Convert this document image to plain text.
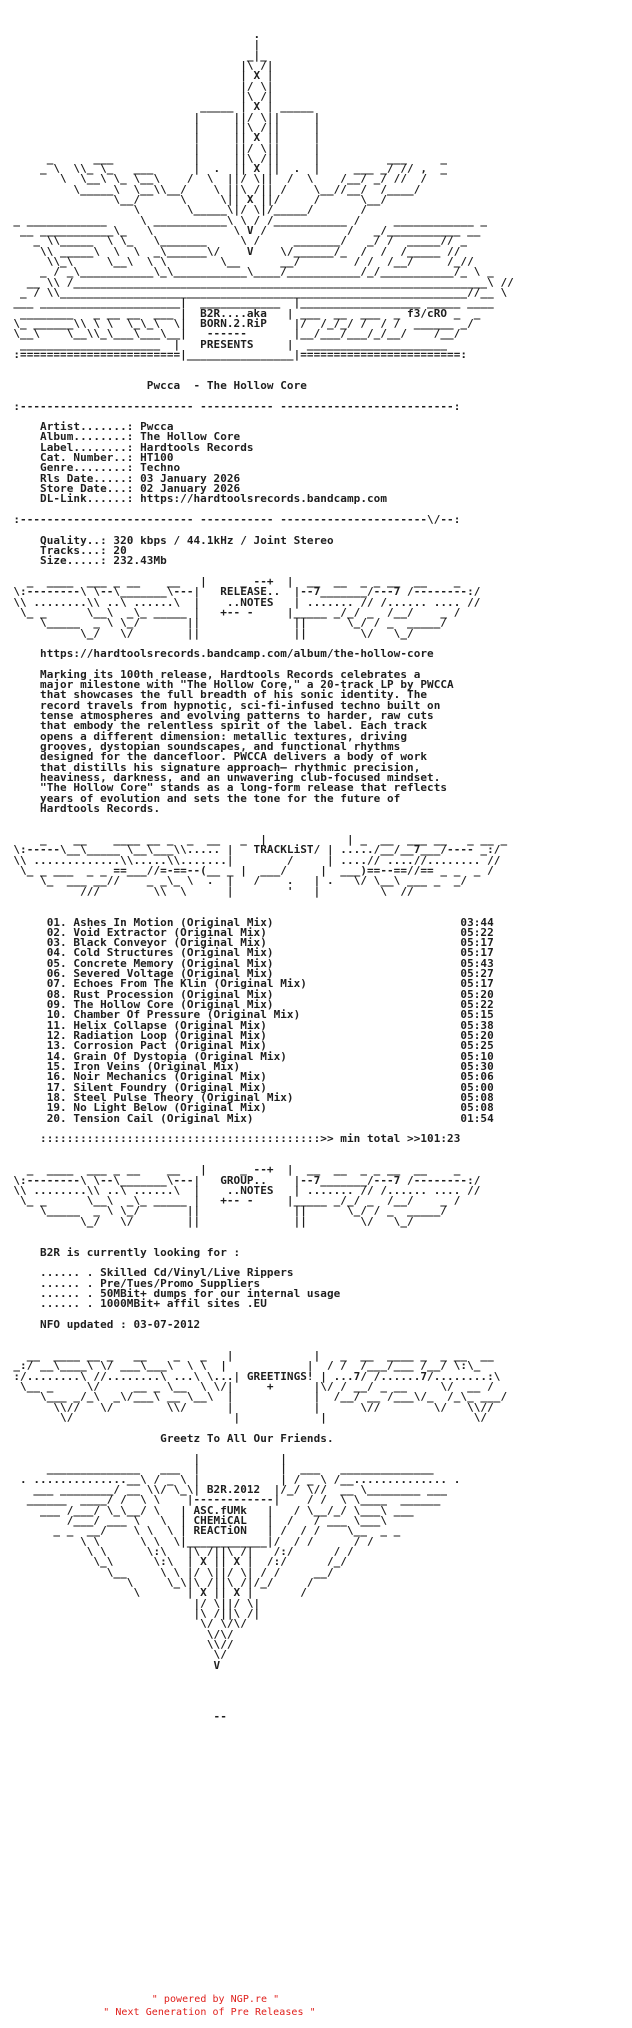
.
|
_|_
|\ /|
| X |
|/ \|
|\ /|
_____ | X | _____
|     ||/ \||     |
|     ||\ /||     |
|     || X ||     |
|     ||/ \||     |
_      ___            |     ||\ /||     |          ___     _
_ \  \\_ \_   ___      |  .  || X ||  .  |     ___ _/ // ,  _
\  \__\ \_ \__\    /  \  ||/ \||  /  \    /__/ _/ //  /
\_____\  \__\\__/    \ ||\ /|| /    \__//__/  /____/
\__/      \     \|| X ||/     /      \__/
\       \_____\|/ \|/_____/       /
_ ____________     \ ___________\ \ / /___________ /     ____________ _
__ ___________\_   \            \ V /            /   _/___________ __
_ \\_____  \ \_   \_______     \ /     _______/   _/ /  _____// _
\\ _____\  \  \  _\______\/    V    \/______/_  /  /  /_____ //
\\_\     \__\  \ \        \__      __/        / /  /__/     /_//
_ / _\___________\_\___________\____/___________/_/___________/_ \ _
__ \\ /______________________________________________________________\ //
_ / \\_____________________________________________________________//__ \
___ _____________________|  ____________  |__________________ _____ ____
________   _ __ __  ___ |  B2R....aka   | ___  __  ___  _ f3/cRO _  _
\_ ______\\ \ \  \_\_\  \|  BORN.2.RiP    |/  /_/_/ /  / /  ______ _/
\__\    \__\\_\___\___\__|   ------       |__/___/___/_/__/    /__/
_____________________  |   PRESENTS     |  _____________________
:========================|________________|========================:
Pwcca  - The Hollow Core
:-------------------------- ----------- --------------------------:
Artist.......: Pwcca
Album........: The Hollow Core
Label........: Hardtools Records
Cat. Number..: HT100
Genre........: Techno
Rls Date.....: 03 January 2026
Store Date...: 02 January 2026
DL-Link......: https://hardtoolsrecords.bandcamp.com
:-------------------------- ----------- ----------------------\/--:
Quality..: 320 kbps / 44.1kHz / Joint Stereo
Tracks...: 20
Size.....: 232.43Mb
_  ____  ___ _ __    __   |     _ --+  |  __  __  _ _ __  __    _
\:--------\ \--\_______\---|   RELEASE..  |--7_______/---7 /--------:/
\\ ........\\ ..\ ......\  |    ..NOTES   | ....... // /...... .... //
\_ _      \__\  _\_ _____ |   +-- -     |_____ _/_/ _  /__/    _ /
\_____  _ \ \_/       ||              ||      \_/ / _  _____/
\_/   \/        ||              ||        \/   \_/
https://hardtoolsrecords.bandcamp.com/album/the-hollow-core
Marking its 100th release, Hardtools Records celebrates a
major milestone with "The Hollow Core," a 20-track LP by PWCCA
that showcases the full breadth of his sonic identity. The
record travels from hypnotic, sci-fi-infused techno built on
tense atmospheres and evolving patterns to harder, raw cuts
that embody the relentless spirit of the label. Each track
opens a different dimension: metallic textures, driving
grooves, dystopian soundscapes, and functional rhythms
designed for the dancefloor. PWCCA delivers a body of work
that distills his signature approach— rhythmic precision,
heaviness, darkness, and an unwavering club-focused mindset.
"The Hollow Core" stands as a long-form release that reflects
years of evolution and sets the tone for the future of
Hardtools Records.
_    __    ____ __ _  _  __   _  |            | _  __  ___ __   _ __ _
\:-----\__\_____ \__\___\\..... |   TRACKLiST/ | ...../__/__7___/---- _:/
\\ .............\\.....\\.......|        /     | ....// ....//........ //
\_ _ ___  _ _ ==___//=-==--(__ _ |  ___/     |  ___)==--==//== _ _  _ /
\_  ___ __//    _ _\_ \  .  |   /    .   | .   \/ \__\ ___ _  _/
///        \\  \      |        '   |         \  //
01. Ashes In Motion (Original Mix)                            03:44
02. Void Extractor (Original Mix)                             05:22
03. Black Conveyor (Original Mix)                             05:17
04. Cold Structures (Original Mix)                            05:17
05. Concrete Memory (Original Mix)                            05:43
06. Severed Voltage (Original Mix)                            05:27
07. Echoes From The Klin (Original Mix)                       05:17
08. Rust Procession (Original Mix)                            05:20
09. The Hollow Core (Original Mix)                            05:22
10. Chamber Of Pressure (Original Mix)                        05:15
11. Helix Collapse (Original Mix)                             05:38
12. Radiation Loop (Original Mix)                             05:20
13. Corrosion Pact (Original Mix)                             05:25
14. Grain Of Dystopia (Original Mix)                          05:10
15. Iron Veins (Original Mix)                                 05:30
16. Noir Mechanics (Original Mix)                             05:06
17. Silent Foundry (Original Mix)                             05:00
18. Steel Pulse Theory (Original Mix)                         05:08
19. No Light Below (Original Mix)                             05:08
20. Tension Cail (Original Mix)                               01:54
::::::::::::::::::::::::::::::::::::::::::>> min total >>101:23
_  ____  ___ _ __    __   |     _ --+  |  __  __  _ _ __  __    _
\:--------\ \--\_______\---|   GROUP..    |--7_______/---7 /--------:/
\\ ........\\ ..\ ......\  |    ..NOTES   | ....... // /...... .... //
\_ _      \__\  _\_ _____ |   +-- -     |_____ _/_/ _  /__/    _ /
\_____  _ \ \_/       ||              ||      \_/ / _  _____/
\_/   \/        ||              ||        \/   \_/
B2R is currently looking for :
...... . Skilled Cd/Vinyl/Live Rippers
...... . Pre/Tues/Promo Suppliers
...... . 50MBit+ dumps for our internal usage
...... . 1000MBit+ affil sites .EU
NFO updated : 03-07-2012
__  ____ __ _   __    _   _   |            |   _  __  ____ _  _ __  __
_:/ __\____\ \/ ___\___\  \ \  |            |  / /  /___/___ /__/ \:\_
:/........\ //........\ ...\ \...| GREETINGS! | ...7/ /......7/........:\
\__ _     \/     __ _ \__  \ \/|     +      |\/ / __/ _ __     \/  __ /
\___ _/_\  _\/___\ __ \__\  |            |  /__/ __ /___\/_  /_\_ ___/
\\//   \/        \\/      |            |      \//        \/   \\//
\/                        |            |                      \/
Greetz To All Our Friends.
|            |
______________   ___  |            |  ___   ______________
. ..............__\ / _ \ |            | / _ \ /__.............. .
___ ________/ __ \\/ \_\| B2R.2012  |/_/ \//  __ \________ ___
______  ____/ /  \ \    |------------|    / /  \ \____  ______
___ /___/ \_\__/ \   | ASC.fUMk   |   / \__/_/ \___\ ___
/___/ ___ \   \  | CHEMiCAL   |  /   / ___ \___\
_ _  __/    \ \  \ | REACTiON   | /  / /    \__  _ _
\ \      \ \  \|____________|/  / /      / /
\ \      \:\   |\ /||\ /|   /:/      / /
\_\      \:\  | X || X |  /:/      /_/
\__     \ \ |/ \||/ \| / /     __/
\     \_\|\ /||\ /|/_/     /
\       | X || X |       /
|/ \||/ \|
|\ /||\ /|
\/ \/\/
\/\/
\\//
\/
V
--
" powered by NGP.re "
" Next Generation of Pre Releases "
